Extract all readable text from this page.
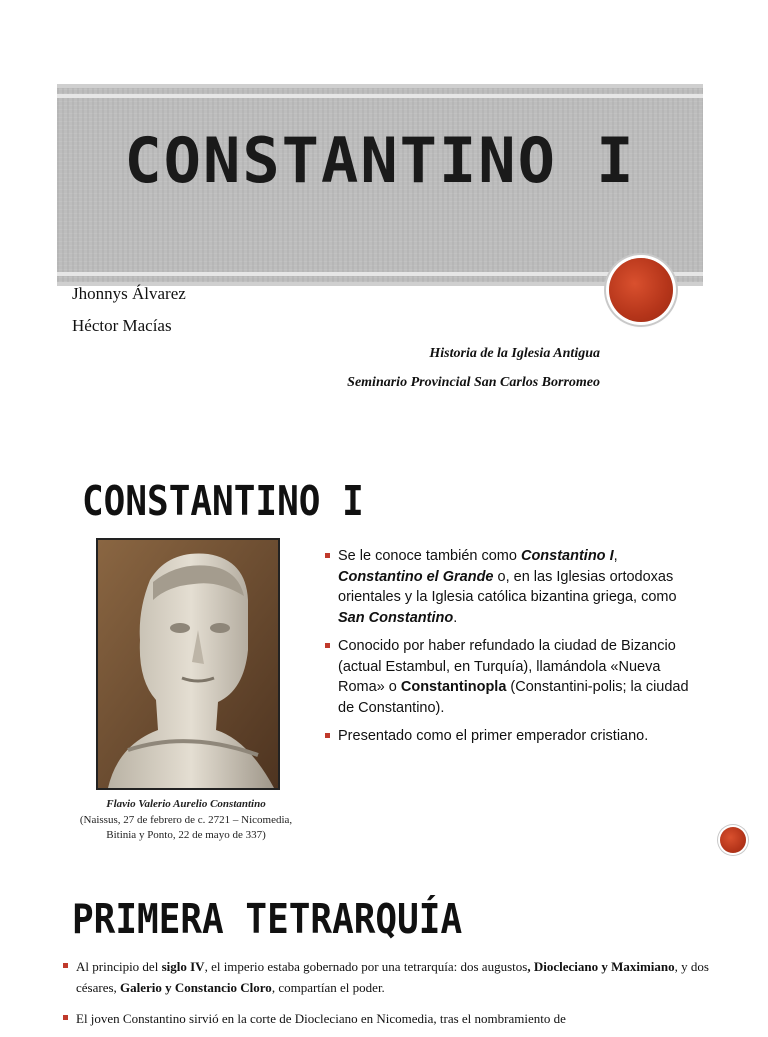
CONSTANTINO I
Jhonnys Álvarez
Héctor Macías
Historia de la Iglesia Antigua
Seminario Provincial San Carlos Borromeo
CONSTANTINO I
Flavio Valerio Aurelio Constantino
(Naissus, 27 de febrero de c. 2721 – Nicomedia,
Bitinia y Ponto, 22 de mayo de 337)
Se le conoce también como Constantino I, Constantino el Grande o, en las Iglesias ortodoxas orientales y la Iglesia católica bizantina griega, como San Constantino.
Conocido por haber refundado la ciudad de Bizancio (actual Estambul, en Turquía), llamándola «Nueva Roma» o Constantinopla (Constantini-polis; la ciudad de Constantino).
Presentado como el primer emperador cristiano.
PRIMERA TETRARQUÍA
Al principio del siglo IV, el imperio estaba gobernado por una tetrarquía: dos augustos, Diocleciano y Maximiano, y dos césares, Galerio y Constancio Cloro, compartían el poder.
El joven Constantino sirvió en la corte de Diocleciano en Nicomedia, tras el nombramiento de
